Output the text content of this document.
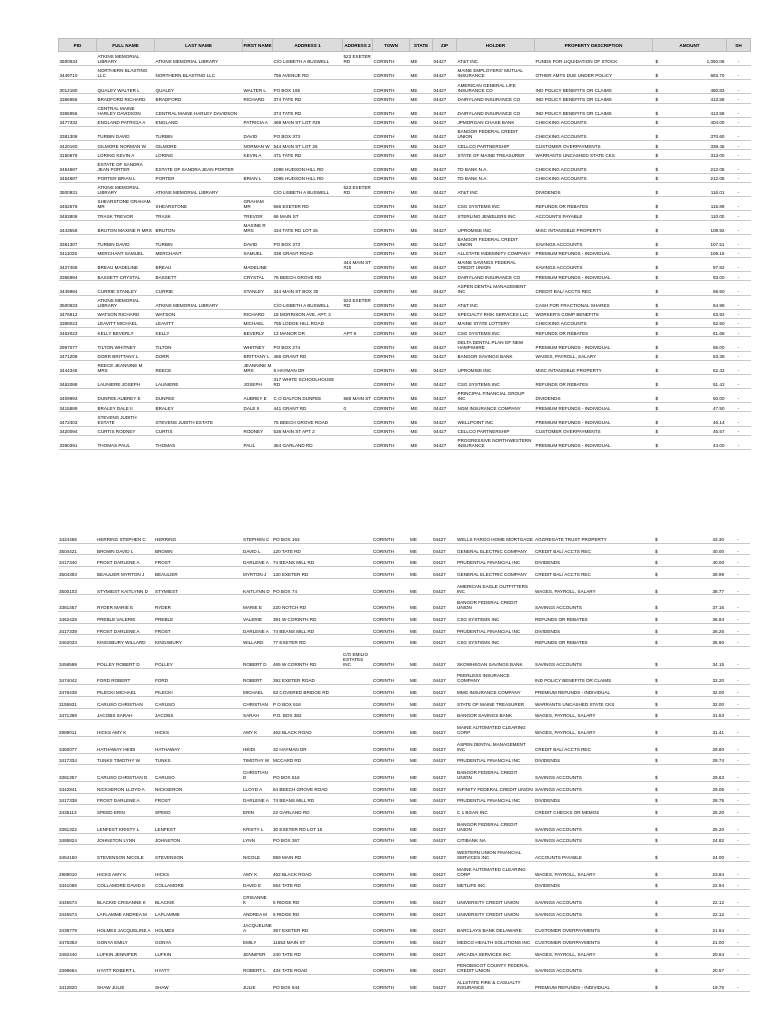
PID	FULL NAME	LAST NAME	FIRST NAME	ADDRESS 1	ADDRESS 2	TOWN	STATE	ZIP	HOLDER	PROPERTY DESCRIPTION	AMOUNT	SH
3500934	ATKINS MEMORIAL LIBRARY	ATKINS MEMORIAL LIBRARY		C/O LISBETH A BUSWELL	523 EXETER RD	CORINTH	ME	04427	AT&T INC	FUNDS FOR LIQUIDATION OF STOCK	$ 1,050.06	-
3449710	NORTHERN BLASTING LLC	NORTHERN BLASTING LLC		756 AVENUE RD		CORINTH	ME	04427	MAINE EMPLOYERS' MUTUAL INSURANCE	OTHER AMTS DUE UNDER POLICY	$ 683.70	-
3012180	QUALEY WALTER L	QUALEY	WALTER L	PO BOX 155		CORINTH	ME	04427	AMERICAN GENERAL LIFE INSURANCE CO	IND POLICY BENEFITS OR CLAIMS	$ 450.83	-
3386956	BRADFORD RICHARD	BRADFORD	RICHARD	374 TATE RD		CORINTH	ME	04427	DAIRYLAND INSURANCE CO	IND POLICY BENEFITS OR CLAIMS	$ 413.58	-
3386956	CENTRAL MAINE HARLEY DAVIDSON	CENTRAL MAINE HARLEY DAVIDSON		374 TATE RD		CORINTH	ME	04427	DAIRYLAND INSURANCE CO	IND POLICY BENEFITS OR CLAIMS	$ 413.58	-
3477332	ENGLAND PATRICIA A	ENGLAND	PATRICIA A	468 MAIN ST LOT #29		CORINTH	ME	04427	JPMORGAN CHASE BANK	CHECKING ACCOUNTS	$ 404.00	-
3381306	TURBIN DAVID	TURBIN	DAVID	PO BOX 373		CORINTH	ME	04427	BANGOR FEDERAL CREDIT UNION	CHECKING ACCOUNTS	$ 370.60	-
3420160	GILMORE NORMAN W	GILMORE	NORMAN W	544 MAIN ST LOT 26		CORINTH	ME	04427	CELLCO PARTNERSHIP	CUSTOMER OVERPAYMENTS	$ 338.45	-
3150676	LORING KEVIN A	LORING	KEVIN A	471 TATE RD		CORINTH	ME	04427	STATE OF MAINE TREASURER	WARRANTS UNCASHED STATE CKS	$ 313.00	-
3454687	ESTATE OF SANDRA JEAN PORTER	ESTATE OF SANDRA JEAN PORTER		1095 HUDSON HILL RD		CORINTH	ME	04427	TD BANK N.A.	CHECKING ACCOUNTS	$ 212.05	-
3454687	PORTER BRIAN L	PORTER	BRIAN L	1095 HUDSON HILL RD		CORINTH	ME	04427	TD BANK N.A.	CHECKING ACCOUNTS	$ 212.05	-
3500931	ATKINS MEMORIAL LIBRARY	ATKINS MEMORIAL LIBRARY		C/O LISBETH A BUSWELL	523 EXETER RD	CORINTH	ME	04427	AT&T INC	DIVIDENDS	$ 116.01	-
3462576	SHEARSTONE GRAHAM MR	SHEARSTONE	GRAHAM MR	566 EXETER RD		CORINTH	ME	04427	CSG SYSTEMS INC	REFUNDS OR REBATES	$ 115.89	-
3483806	TRASK TREVOR	TRASK	TREVOR	66 MAIN ST		CORINTH	ME	04427	STERLING JEWELERS INC	ACCOUNTS PAYABLE	$ 110.00	-
3443558	BRUTON MAXINE R MRS	BRUTON	MAXINE R MRS	434 TATE RD LOT 15		CORINTH	ME	04427	UPROMISE INC	MISC INTANGIBLE PROPERTY	$ 108.92	-
3381307	TURBIN DAVID	TURBIN	DAVID	PO BOX 373		CORINTH	ME	04427	BANGOR FEDERAL CREDIT UNION	SAVINGS ACCOUNTS	$ 107.51	-
3411026	MERCHANT SAMUEL	MERCHANT	SAMUEL	338 GRANT ROAD		CORINTH	ME	04427	ALLSTATE INDEMNITY COMPANY	PREMIUM REFUNDS - INDIVIDUAL	$ 106.16	-
3427468	BREAU MADELINE	BREAU	MADELINE		344 MAIN ST #15	CORINTH	ME	04427	MAINE SAVINGS FEDERAL CREDIT UNION	SAVINGS ACCOUNTS	$ 97.82	-
3386984	BASSETT CRYSTAL	BASSETT	CRYSTAL	76 BEECH GROVE RD		CORINTH	ME	04427	DAIRYLAND INSURANCE CO	PREMIUM REFUNDS - INDIVIDUAL	$ 93.00	-
3449984	CURRIE STANLEY	CURRIE	STANLEY	344 MAIN ST BOX 30		CORINTH	ME	04427	ASPEN DENTAL MANAGEMENT INC	CREDIT BAL/ ACCTS REC	$ 68.50	-
3500933	ATKINS MEMORIAL LIBRARY	ATKINS MEMORIAL LIBRARY		C/O LISBETH A BUSWELL	523 EXETER RD	CORINTH	ME	04427	AT&T INC	CASH FOR FRACTIONAL SHARES	$ 64.98	-
3476912	WATSON RICHARD	WATSON	RICHARD	18 MORRISON AVE. APT. 2		CORINTH	ME	04427	SPECIALTY RISK SERVICES LLC	WORKER'S COMP BENEFITS	$ 63.92	-
3388023	LEAVITT MICHAEL	LEAVITT	MICHAEL	755 LODGE HILL ROAD		CORINTH	ME	04427	MAINE STATE LOTTERY	CHECKING ACCOUNTS	$ 62.50	-
3462023	KELLY BEVERLY	KELLY	BEVERLY	13 MANOR DR	APT 6	CORINTH	ME	04427	CSG SYSTEMS INC	REFUNDS OR REBATES	$ 61.68	-
2997077	TILTON WHITNEY	TILTON	WHITNEY	PO BOX 274		CORINTH	ME	04427	DELTA DENTAL PLAN OF NEW HAMPSHIRE	PREMIUM REFUNDS - INDIVIDUAL	$ 55.00	-
3471208	DORR BRITTANY L	DORR	BRITTANY L	486 GRANT RD		CORINTH	ME	04427	BANGOR SAVINGS BANK	WAGES, PAYROLL, SALARY	$ 53.38	-
3444345	REECE JEANNINE M MRS	REECE	JEANNINE M MRS	5 HAYMAN DR		CORINTH	ME	04427	UPROMISE INC	MISC INTANGIBLE PROPERTY	$ 52.42	-
3462088	LAUNIERE JOSEPH	LAUNIERE	JOSEPH	317 WHITE SCHOOLHOUSE RD		CORINTH	ME	04427	CSG SYSTEMS INC	REFUNDS OR REBATES	$ 51.42	-
3409993	DUNFEE AUBREY E	DUNFEE	AUBREY E	C O DALTON DUNFEE	588 MAIN ST	CORINTH	ME	04427	PRINCIPAL FINANCIAL GROUP INC	DIVIDENDS	$ 50.00	-
3415889	BRALEY DALE II	BRALEY	DALE II	441 GRANT RD	0	CORINTH	ME	04427	NGM INSURANCE COMPANY	PREMIUM REFUNDS - INDIVIDUAL	$ 47.50	-
3472403	STEVENS JUDITH ESTATE	STEVENS JUDITH ESTATE		75 BEECH GROVE ROAD		CORINTH	ME	04427	WELLPOINT INC	PREMIUM REFUNDS - INDIVIDUAL	$ 46.14	-
3420094	CURTIS RODNEY	CURTIS	RODNEY	536 MAIN ST APT 2		CORINTH	ME	04427	CELLCO PARTNERSHIP	CUSTOMER OVERPAYMENTS	$ 45.57	-
3390391	THOMAS PAUL	THOMAS	PAUL	364 GARLAND RD		CORINTH	ME	04427	PROGRESSIVE NORTHWESTERN INSURANCE	PREMIUM REFUNDS - INDIVIDUAL	$ 44.00	-
3424465	HERRING STEPHEN C	HERRING	STEPHEN C	PO BOX 163		CORINTH	ME	04427	WELLS FARGO HOME MORTGAGE	AGGREGATE TRUST PROPERTY	$ 43.30	-
3504421	BROWN DAVID L	BROWN	DAVID L	120 TATE RD		CORINTH	ME	04427	GENERAL ELECTRIC COMPANY	CREDIT BAL/ ACCTS REC	$ 40.00	-
3417340	FROST DARLENE A	FROST	DARLENE A	74 BEANS MILL RD		CORINTH	ME	04427	PRUDENTIAL FINANCIAL INC	DIVIDENDS	$ 40.00	-
3504393	BEAULIER MYRTON J	BEAULIER	MYRTON J	130 EXETER RD		CORINTH	ME	04427	GENERAL ELECTRIC COMPANY	CREDIT BAL/ ACCTS REC	$ 39.99	-
3500103	STYMIEST KAITLYNN D	STYMIEST	KAITLYNN D	PO BOX 74		CORINTH	ME	04427	AMERICAN EAGLE OUTFITTERS INC	WAGES, PAYROLL, SALARY	$ 38.77	-
3381457	RYDER MARIE E	RYDER	MARIE E	220 NOTCH RD		CORINTH	ME	04427	BANGOR FEDERAL CREDIT UNION	SAVINGS ACCOUNTS	$ 37.16	-
3462428	PREBLE VALERIE	PREBLE	VALERIE	381 W CORINTH RD		CORINTH	ME	04427	CSG SYSTEMS INC	REFUNDS OR REBATES	$ 36.94	-
3417339	FROST DARLENE A	FROST	DARLENE A	74 BEANS MILL RD		CORINTH	ME	04427	PRUDENTIAL FINANCIAL INC	DIVIDENDS	$ 36.25	-
3462033	KINGSBURY WILLARD	KINGSBURY	WILLARD	77 EXETER RD		CORINTH	ME	04427	CSG SYSTEMS INC	REFUNDS OR REBATES	$ 35.90	-
3458599	POLLEY ROBERT D	POLLEY	ROBERT D	465 W CORINTH RD	C/O EMILIO ESTATES INC	CORINTH	ME	04427	SKOWHEGAN SAVINGS BANK	SAVINGS ACCOUNTS	$ 34.15	-
3474042	FORD ROBERT	FORD	ROBERT	392 EXETER ROAD		CORINTH	ME	04427	PEERLESS INSURANCE COMPANY	IND POLICY BENEFITS OR CLAIMS	$ 33.20	-
3476438	PILECKI MICHAEL	PILECKI	MICHAEL	63 COVERED BRIDGE RD		CORINTH	ME	04427	MMG INSURANCE COMPANY	PREMIUM REFUNDS - INDIVIDUAL	$ 32.00	-
3155931	CARUSO CHRISTIAN	CARUSO	CHRISTIAN	P O BOX 616		CORINTH	ME	04427	STATE OF MAINE TREASURER	WARRANTS UNCASHED STATE CKS	$ 32.00	-
3471369	JACOBS SARAH	JACOBS	SARAH	P.O. BOX 382		CORINTH	ME	04427	BANGOR SAVINGS BANK	WAGES, PAYROLL, SALARY	$ 31.53	-
2989011	HICKS AMY K	HICKS	AMY K	462 BLACK ROAD		CORINTH	ME	04427	MAINE AUTOMATED CLEARING CORP	WAGES, PAYROLL, SALARY	$ 31.41	-
3450077	HATHAWAY HEIDI	HATHAWAY	HEIDI	32 HAYMAN DR		CORINTH	ME	04427	ASPEN DENTAL MANAGEMENT INC	CREDIT BAL/ ACCTS REC	$ 29.80	-
3417334	TUNKS TIMOTHY W	TUNKS	TIMOTHY W	MCCARD RD		CORINTH	ME	04427	PRUDENTIAL FINANCIAL INC	DIVIDENDS	$ 29.74	-
3381357	CARUSO CHRISTIAN D	CARUSO	CHRISTIAN D	PO BOX 616		CORINTH	ME	04427	BANGOR FEDERAL CREDIT UNION	SAVINGS ACCOUNTS	$ 29.63	-
3442841	NICKSERON LLOYD A	NICKSERON	LLOYD A	64 BEECH GROVE ROAD		CORINTH	ME	04427	INFINITY FEDERAL CREDIT UNION	SAVINGS ACCOUNTS	$ 29.05	-
3417338	FROST DARLENE A	FROST	DARLENE A	74 BEANS MILL RD		CORINTH	ME	04427	PRUDENTIAL FINANCIAL INC	DIVIDENDS	$ 28.75	-
3435113	SPEED ERIN	SPEED	ERIN	22 GARLAND RD		CORINTH	ME	04427	C 1 BGAN INC	CREDIT CHECKS OR MEMOS	$ 25.20	-
3381322	LENFEST KRISTY L	LENFEST	KRISTY L	30 EXETER RD LOT 15		CORINTH	ME	04427	BANGOR FEDERAL CREDIT UNION	SAVINGS ACCOUNTS	$ 25.20	-
3485824	JOHNSTON LYNN	JOHNSTON	LYNN	PO BOX 367		CORINTH	ME	04427	CITIBANK NA	SAVINGS ACCOUNTS	$ 24.82	-
3454150	STEVENSON NICOLE	STEVENSON	NICOLE	859 MAIN RD		CORINTH	ME	04427	WESTERN UNION FINANCIAL SERVICES INC	ACCOUNTS PAYABLE	$ 24.00	-
2989010	HICKS AMY K	HICKS	AMY K	462 BLACK ROAD		CORINTH	ME	04427	MAINE AUTOMATED CLEARING CORP	WAGES, PAYROLL, SALARY	$ 23.84	-
3441088	COLLAMORE DAVID E	COLLAMORE	DAVID E	654 TATE RD		CORINTH	ME	04427	METLIFE INC	DIVIDENDS	$ 22.94	-
3445574	BLACKIE CRISANNE K	BLACKIE	CRISANNE K	5 RIDGE RD		CORINTH	ME	04427	UNIVERSITY CREDIT UNION	SAVINGS ACCOUNTS	$ 22.12	-
3445574	LAFLAMME ANDREA M	LAFLAMME	ANDREA M	5 RIDGE RD		CORINTH	ME	04427	UNIVERSITY CREDIT UNION	SAVINGS ACCOUNTS	$ 22.12	-
3438779	HOLMES JACQUELINE A	HOLMES	JACQUELINE A	357 EXETER RD		CORINTH	ME	04427	BARCLAYS BANK DELAWARE	CUSTOMER OVERPAYMENTS	$ 21.64	-
3475363	GONYA EMILY	GONYA	EMILY	11553 MAIN ST		CORINTH	ME	04427	MEDCO HEALTH SOLUTIONS INC	CUSTOMER OVERPAYMENTS	$ 21.00	-
3482440	LUFKIN JENNIFER	LUFKIN	JENNIFER	240 TATE RD		CORINTH	ME	04427	ARCADIA SERVICES INC	WAGES, PAYROLL, SALARY	$ 20.64	-
3399664	HYATT ROBERT L	HYATT	ROBERT L	434 TATE ROAD		CORINTH	ME	04427	PENOBSCOT COUNTY FEDERAL CREDIT UNION	SAVINGS ACCOUNTS	$ 20.57	-
3412820	SHAW JULIE	SHAW	JULIE	PO BOX 544		CORINTH	ME	04427	ALLSTATE FIRE & CASUALTY INSURANCE	PREMIUM REFUNDS - INDIVIDUAL	$ 19.76	-
